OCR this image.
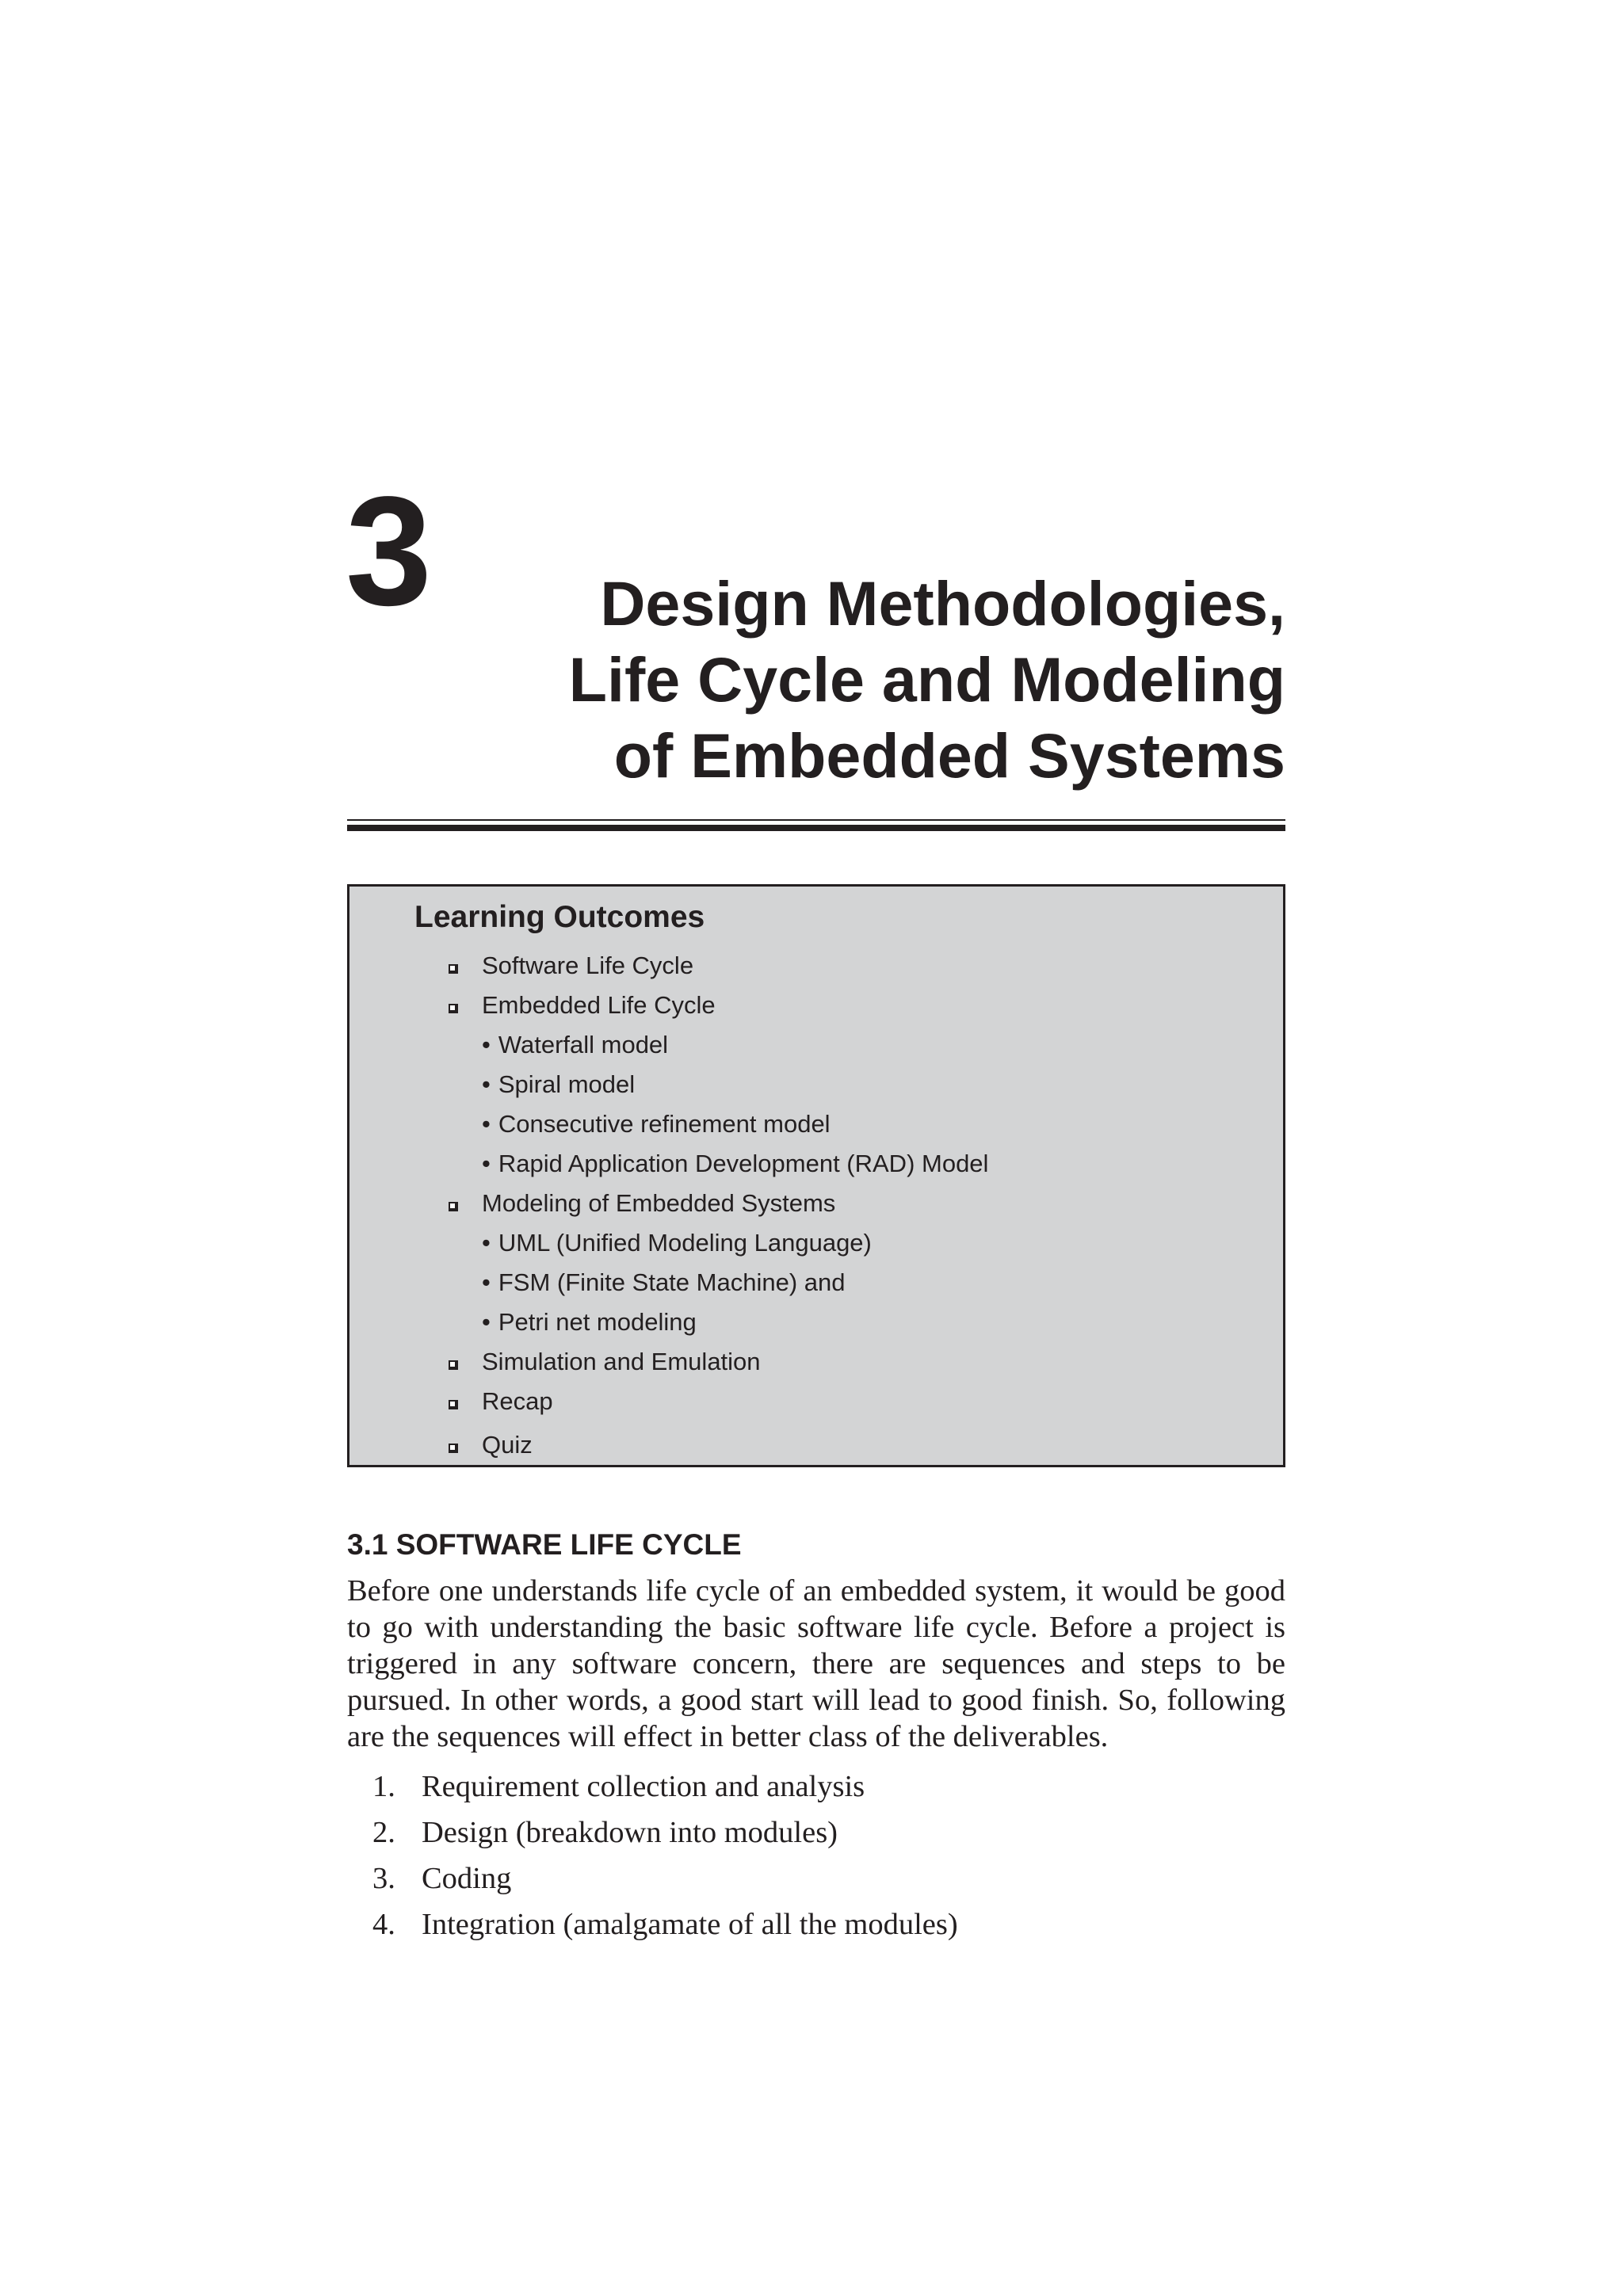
3	Design Methodologies,
Life Cycle and Modeling
of Embedded Systems
Learning Outcomes
Software Life Cycle
Embedded Life Cycle
• Waterfall model
• Spiral model
• Consecutive refinement model
• Rapid Application Development (RAD) Model
Modeling of Embedded Systems
• UML (Unified Modeling Language)
• FSM (Finite State Machine) and
• Petri net modeling
Simulation and Emulation
Recap
Quiz
3.1 SOFTWARE LIFE CYCLE

Before one understands life cycle of an embedded system, it would be good to go with understanding the basic software life cycle. Before a project is triggered in any software concern, there are sequences and steps to be pursued. In other words, a good start will lead to good finish. So, following are the sequences will effect in better class of the deliverables.

1. Requirement collection and analysis
2. Design (breakdown into modules)
3. Coding
4. Integration (amalgamate of all the modules)
